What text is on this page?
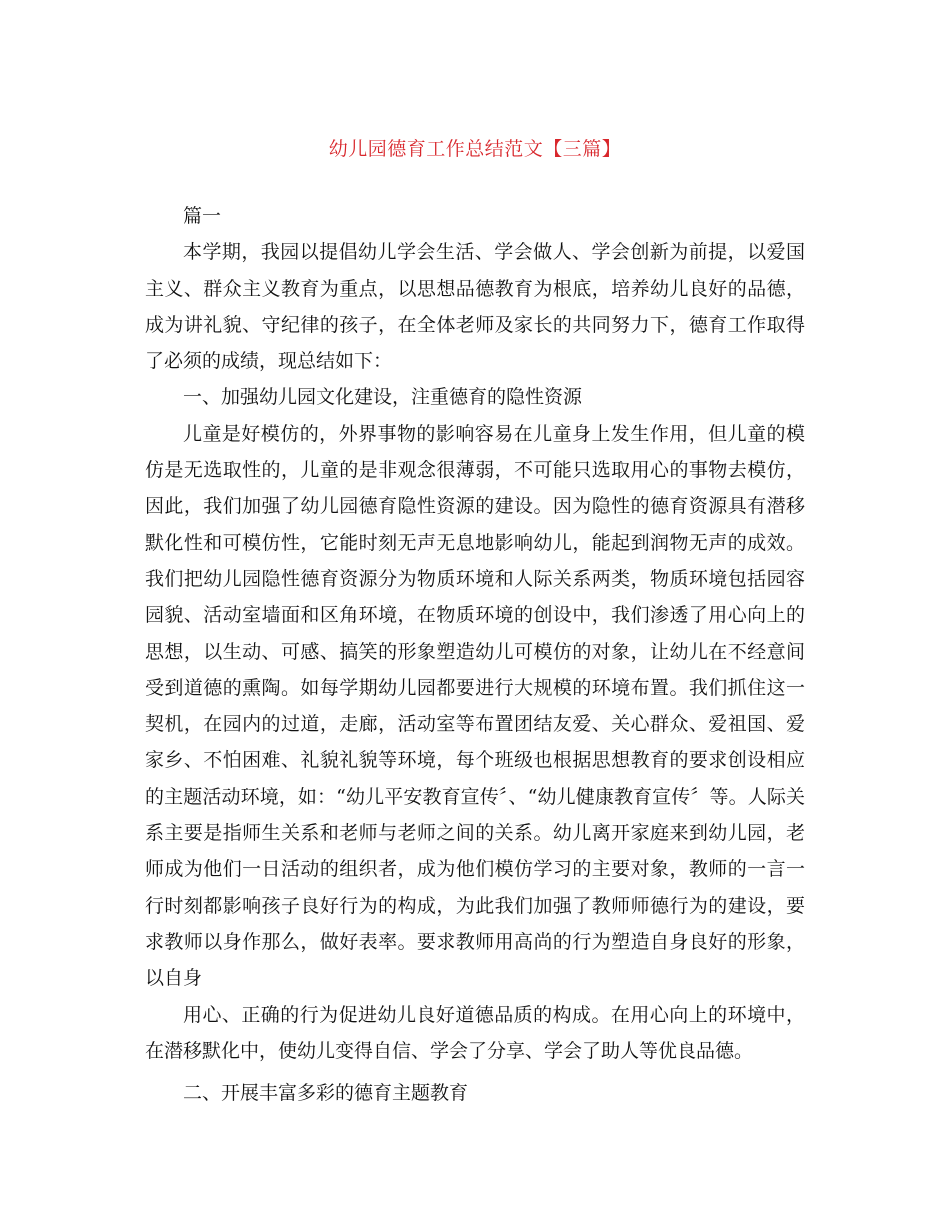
幼儿园德育工作总结范文【三篇】

篇一

本学期，我园以提倡幼儿学会生活、学会做人、学会创新为前提，以爱国主义、群众主义教育为重点，以思想品德教育为根底，培养幼儿良好的品德，成为讲礼貌、守纪律的孩子，在全体老师及家长的共同努力下，德育工作取得了必须的成绩，现总结如下：

一、加强幼儿园文化建设，注重德育的隐性资源

儿童是好模仿的，外界事物的影响容易在儿童身上发生作用，但儿童的模仿是无选取性的，儿童的是非观念很薄弱，不可能只选取用心的事物去模仿，因此，我们加强了幼儿园德育隐性资源的建设。因为隐性的德育资源具有潜移默化性和可模仿性，它能时刻无声无息地影响幼儿，能起到润物无声的成效。我们把幼儿园隐性德育资源分为物质环境和人际关系两类，物质环境包括园容园貌、活动室墙面和区角环境，在物质环境的创设中，我们渗透了用心向上的思想，以生动、可感、搞笑的形象塑造幼儿可模仿的对象，让幼儿在不经意间受到道德的熏陶。如每学期幼儿园都要进行大规模的环境布置。我们抓住这一契机，在园内的过道，走廊，活动室等布置团结友爱、关心群众、爱祖国、爱家乡、不怕困难、礼貌礼貌等环境，每个班级也根据思想教育的要求创设相应的主题活动环境，如：“幼儿平安教育宣传〞、“幼儿健康教育宣传〞等。人际关系主要是指师生关系和老师与老师之间的关系。幼儿离开家庭来到幼儿园，老师成为他们一日活动的组织者，成为他们模仿学习的主要对象，教师的一言一行时刻都影响孩子良好行为的构成，为此我们加强了教师师德行为的建设，要求教师以身作那么，做好表率。要求教师用高尚的行为塑造自身良好的形象，以自身

用心、正确的行为促进幼儿良好道德品质的构成。在用心向上的环境中，在潜移默化中，使幼儿变得自信、学会了分享、学会了助人等优良品德。

二、开展丰富多彩的德育主题教育
